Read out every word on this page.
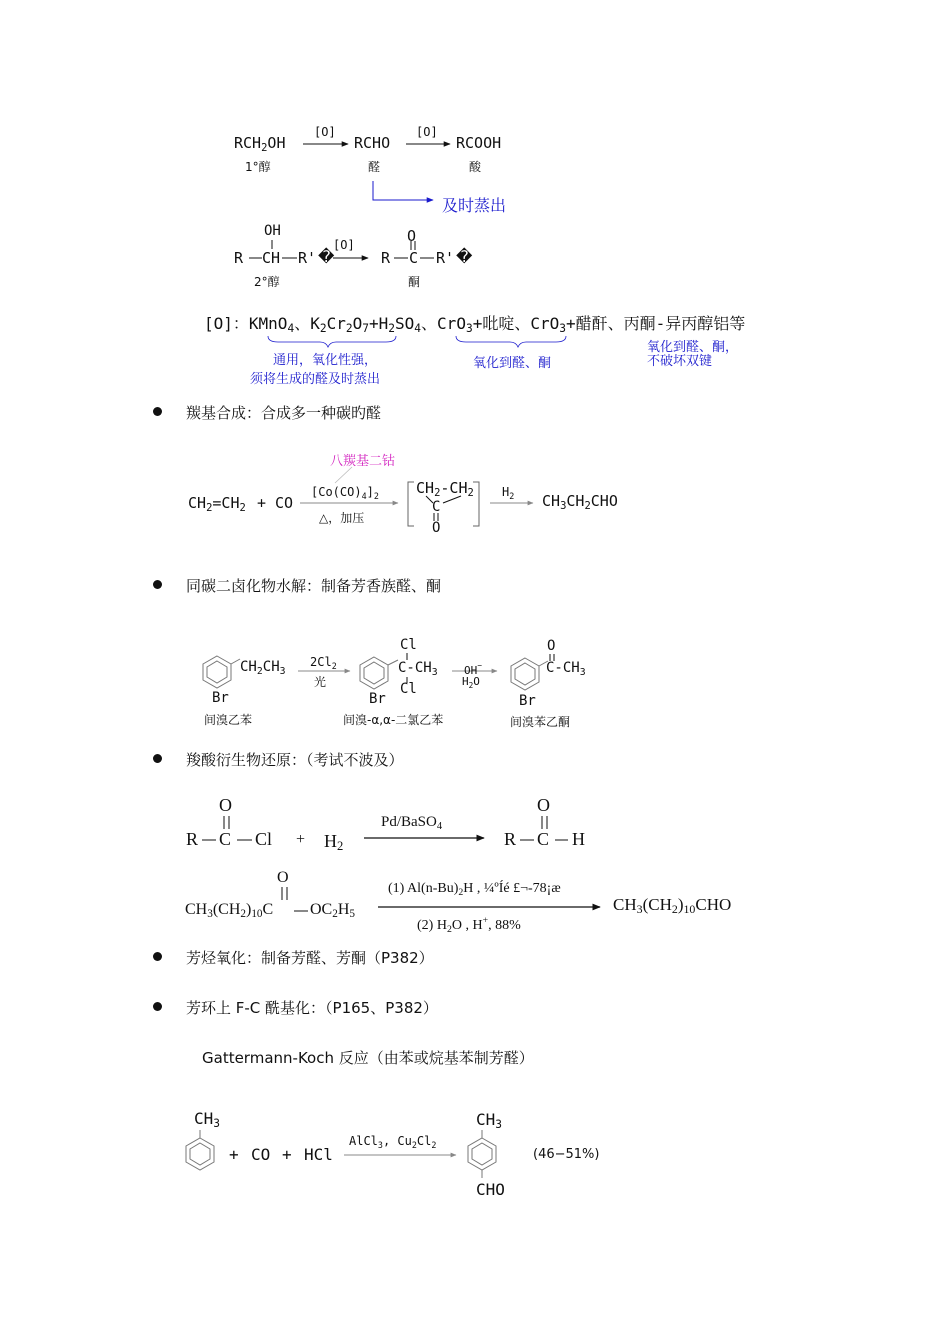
$RCH_2OH$
1°醇
[O]
RCHO
醛
[O]
RCOOH
酸
及时蒸出
OH
R CH R' �
2°醇
[O]	O
R C R' �
酮
[O]：KMnO$_4$、$K_2Cr_2O_7+H_2SO_4$、CrO$_3$+吡啶、CrO$_3$+醋酐、丙酮-异丙醇铝等
通用，氧化性强，
须将生成的醛及时蒸出
氧化到醛、酮
氧化到醛、酮，
不破坏双键
羰基合成：合成多一种碳旳醛
八羰基二钴
$CH_2=CH_2$ + CO
$[Co(CO)_4]_2$
△，加压
$CH_2-CH_2$
C
O
$H_2$ $CH_3CH_2CHO$
同碳二卤化物水解：制备芳香族醛、酮
$CH_2CH_3$
Br
$2Cl_2$
光
Cl
$C-CH_3$
Cl
Br
OH−
$H_2O$
O
$C-CH_3$
Br
间溴乙苯	间溴-α,α-二氯乙苯	间溴苯乙酮
羧酸衍生物还原：（考试不波及）
O
R C $Cl + H_2$
Pd/BaSO$_4$
O
R C H
O
$CH_3(CH_2)_{10}C$ $OC_2H_5$
(1) $Al(n-Bu)_2H$ , ¼ºÍé £¬-78¡æ
(2) $H_2O$ , H+, 88%
$CH_3(CH_2)_{10}CHO$
芳烃氧化：制备芳醛、芳酮（P382）
芳环上 F-C 酰基化：（P165、P382）
Gattermann-Koch 反应（由苯或烷基苯制芳醛）
$CH_3$
+ CO + HCl
AlCl$_3$, $Cu_2Cl_2$
$CH_3$
CHO
(46−51%)
